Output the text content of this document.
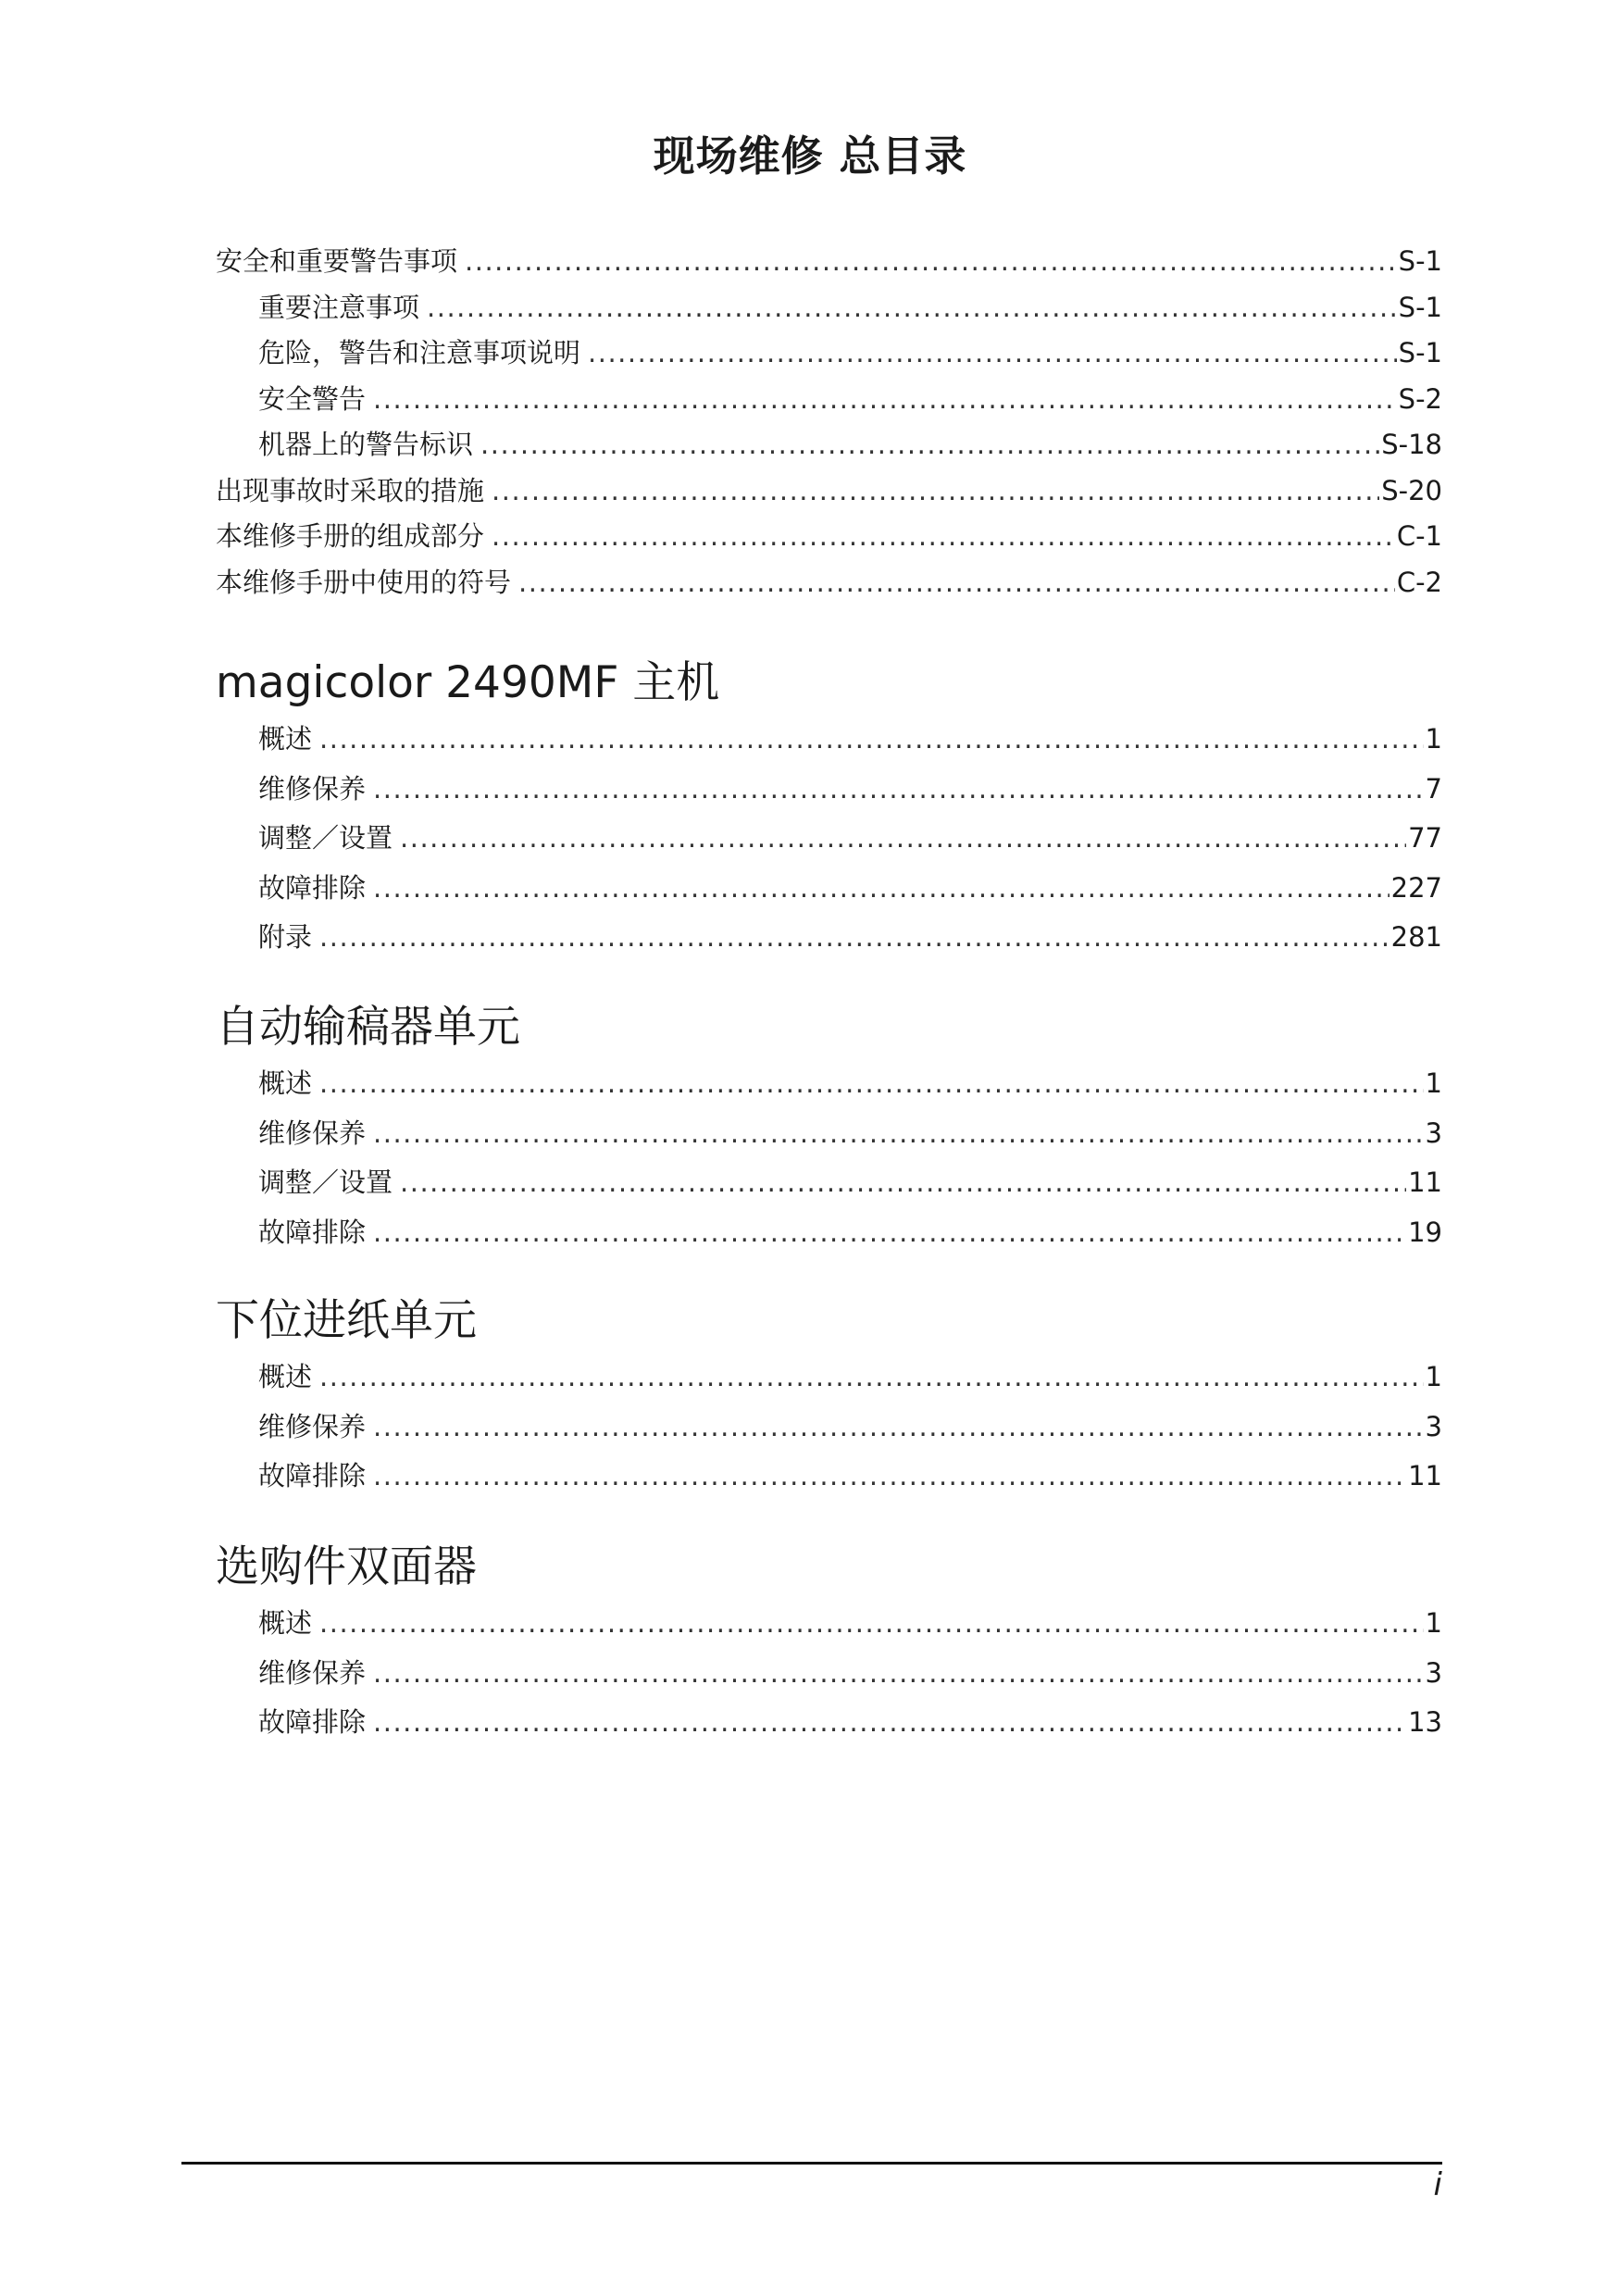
现场维修 总目录
安全和重要警告事项 .....	S-1
重要注意事项 .....	S-1
危险，警告和注意事项说明 .....	S-1
安全警告 .....	S-2
机器上的警告标识 .....	S-18
出现事故时采取的措施 .....	S-20
本维修手册的组成部分 .....	C-1
本维修手册中使用的符号 .....	C-2
magicolor 2490MF 主机
概述 .....	1
维修保养 .....	7
调整／设置 .....	77
故障排除 .....	227
附录 .....	281
自动输稿器单元
概述 .....	1
维修保养 .....	3
调整／设置 .....	11
故障排除 .....	19
下位进纸单元
概述 .....	1
维修保养 .....	3
故障排除 .....	11
选购件双面器
概述 .....	1
维修保养 .....	3
故障排除 .....	13
i
